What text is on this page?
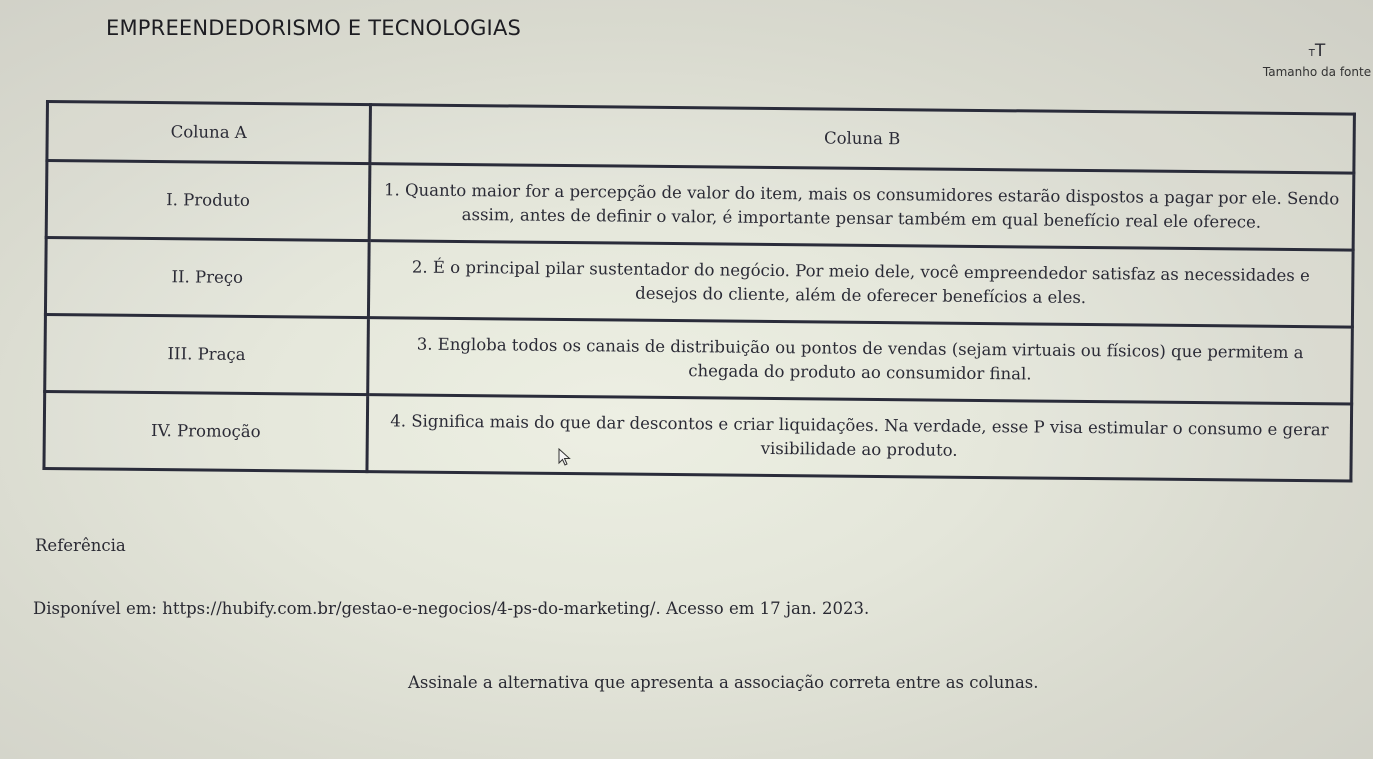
EMPREENDEDORISMO E TECNOLOGIAS
TT
Tamanho da fonte
Coluna A	Coluna B
I. Produto	1. Quanto maior for a percepção de valor do item, mais os consumidores estarão dispostos a pagar por ele. Sendo assim, antes de definir o valor, é importante pensar também em qual benefício real ele oferece.
II. Preço	2. É o principal pilar sustentador do negócio. Por meio dele, você empreendedor satisfaz as necessidades e desejos do cliente, além de oferecer benefícios a eles.
III. Praça	3. Engloba todos os canais de distribuição ou pontos de vendas (sejam virtuais ou físicos) que permitem a chegada do produto ao consumidor final.
IV. Promoção	4. Significa mais do que dar descontos e criar liquidações. Na verdade, esse P visa estimular o consumo e gerar visibilidade ao produto.
Referência
Disponível em: https://hubify.com.br/gestao-e-negocios/4-ps-do-marketing/. Acesso em 17 jan. 2023.
Assinale a alternativa que apresenta a associação correta entre as colunas.
